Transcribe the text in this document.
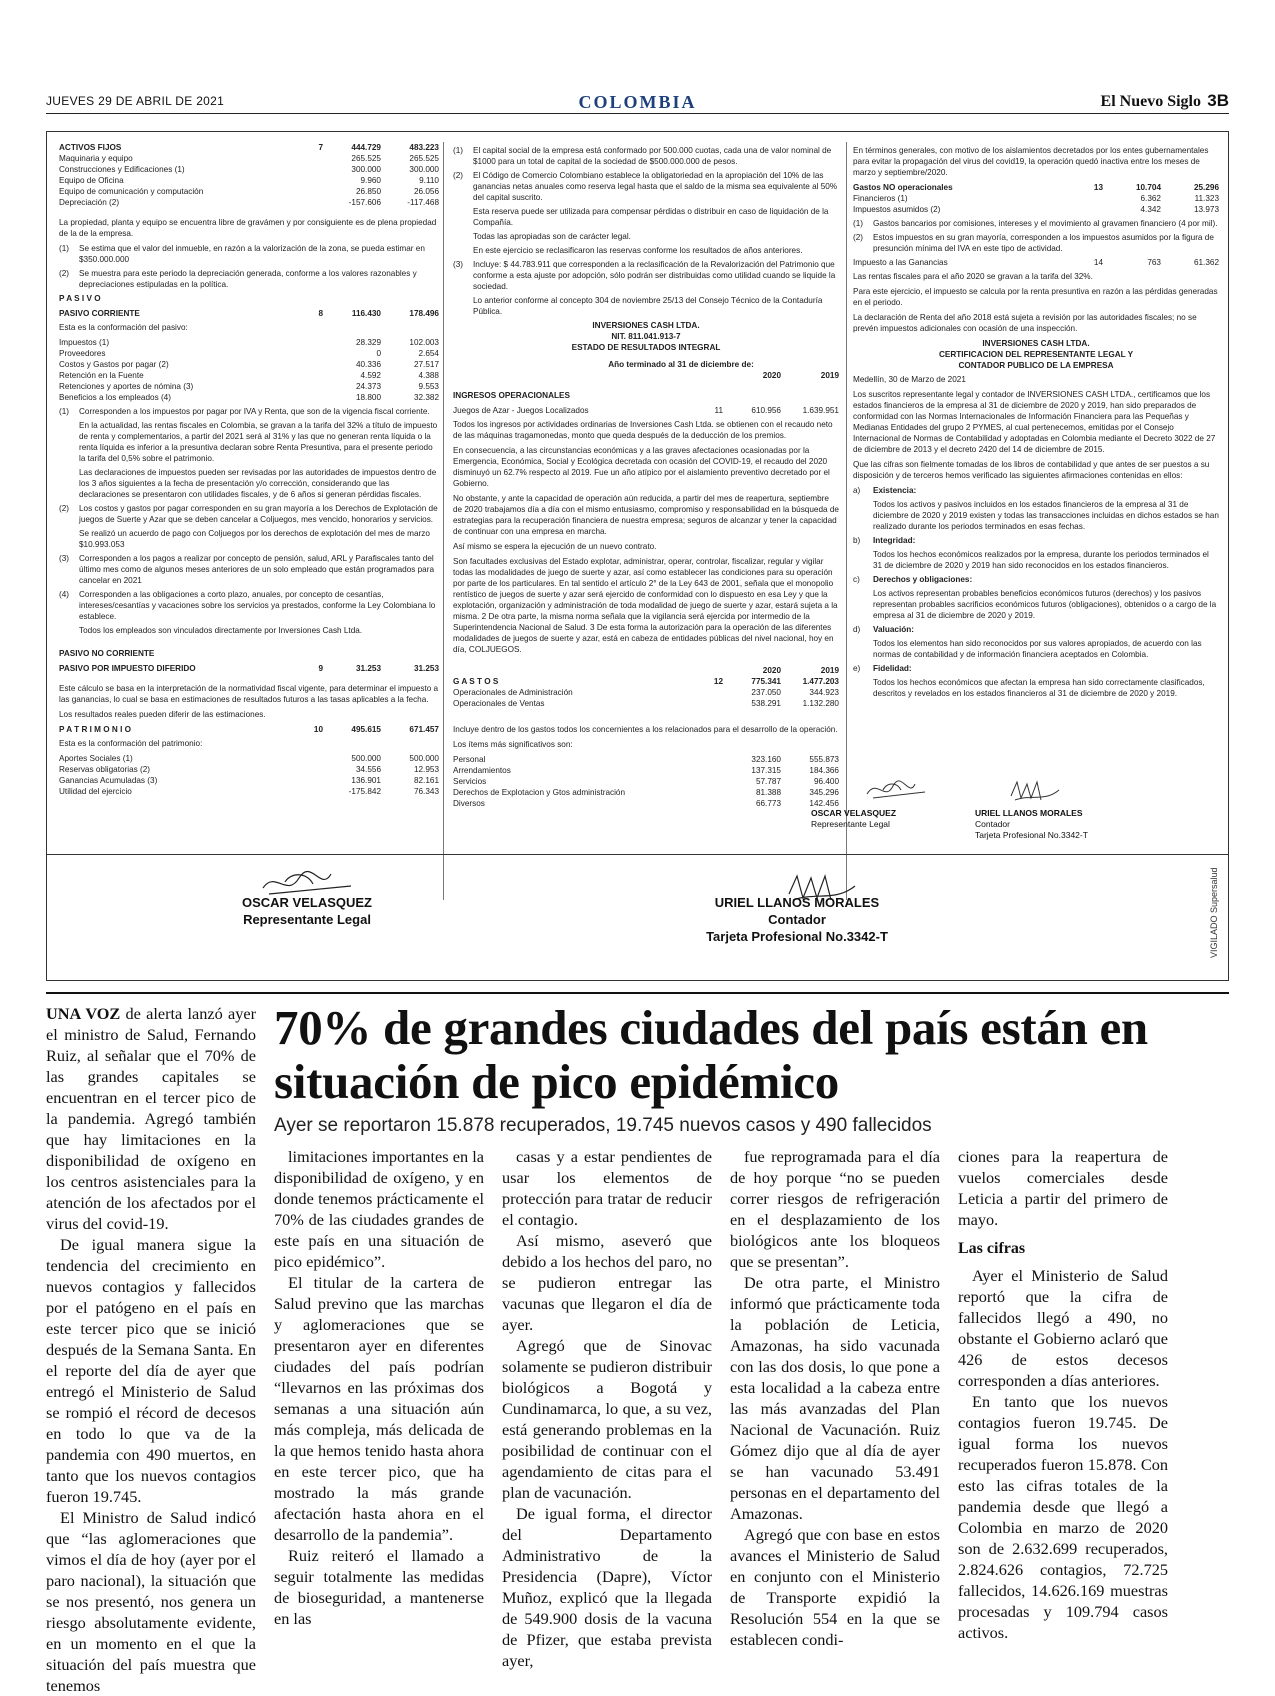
JUEVES 29 DE ABRIL DE 2021	COLOMBIA	El Nuevo Siglo 3B
ACTIVOS FIJOS	7	444.729	483.223
Maquinaria y equipo	265.525	265.525
Construcciones y Edificaciones (1)	300.000	300.000
Equipo de Oficina	9.960	9.110
Equipo de comunicación y computación	26.850	26.056
Depreciación (2)	-157.606	-117.468
La propiedad, planta y equipo se encuentra libre de gravámen y por consiguiente es de plena propiedad de la de la empresa.
(1)	Se estima que el valor del inmueble, en razón a la valorización de la zona, se pueda estimar en $350.000.000
(2)	Se muestra para este periodo la depreciación generada, conforme a los valores razonables y depreciaciones estipuladas en la política.
P A S I V O
PASIVO CORRIENTE	8	116.430	178.496
Esta es la conformación del pasivo:
Impuestos (1)	28.329	102.003
Proveedores	0	2.654
Costos y Gastos por pagar (2)	40.336	27.517
Retención en la Fuente	4.592	4.388
Retenciones y aportes de nómina (3)	24.373	9.553
Beneficios a los empleados (4)	18.800	32.382
(1)	Corresponden a los impuestos por pagar por IVA y Renta, que son de la vigencia fiscal corriente.
En la actualidad, las rentas fiscales en Colombia, se gravan a la tarifa del 32% a título de impuesto de renta y complementarios, a partir del 2021 será al 31% y las que no generan renta líquida o la renta líquida es inferior a la presuntiva declaran sobre Renta Presuntiva, para el presente periodo la tarifa del 0,5% sobre el patrimonio.
Las declaraciones de impuestos pueden ser revisadas por las autoridades de impuestos dentro de los 3 años siguientes a la fecha de presentación y/o corrección, considerando que las declaraciones se presentaron con utilidades fiscales, y de 6 años si generan pérdidas fiscales.
(2)	Los costos y gastos por pagar corresponden en su gran mayoría a los Derechos de Explotación de juegos de Suerte y Azar que se deben cancelar a Coljuegos, mes vencido, honorarios y servicios.
Se realizó un acuerdo de pago con Coljuegos por los derechos de explotación del mes de marzo $10.993.053
(3)	Corresponden a los pagos a realizar por concepto de pensión, salud, ARL y Parafiscales tanto del último mes como de algunos meses anteriores de un solo empleado que están programados para cancelar en 2021
(4)	Corresponden a las obligaciones a corto plazo, anuales, por concepto de cesantías, intereses/cesantías y vacaciones sobre los servicios ya prestados, conforme la Ley Colombiana lo establece.
Todos los empleados son vinculados directamente por Inversiones Cash Ltda.
PASIVO NO CORRIENTE
PASIVO POR IMPUESTO DIFERIDO	9	31.253	31.253
Este cálculo se basa en la interpretación de la normatividad fiscal vigente, para determinar el impuesto a las ganancias, lo cual se basa en estimaciones de resultados futuros a las tasas aplicables a la fecha.
Los resultados reales pueden diferir de las estimaciones.
P A T R I M O N I O	10	495.615	671.457
Esta es la conformación del patrimonio:
Aportes Sociales (1)	500.000	500.000
Reservas obligatorias (2)	34.556	12.953
Ganancias Acumuladas (3)	136.901	82.161
Utilidad del ejercicio	-175.842	76.343
(1)	El capital social de la empresa está conformado por 500.000 cuotas, cada una de valor nominal de $1000 para un total de capital de la sociedad de $500.000.000 de pesos.
(2)	El Código de Comercio Colombiano establece la obligatoriedad en la apropiación del 10% de las ganancias netas anuales como reserva legal hasta que el saldo de la misma sea equivalente al 50% del capital suscrito.
Esta reserva puede ser utilizada para compensar pérdidas o distribuir en caso de liquidación de la Compañía.
Todas las apropiadas son de carácter legal.
En este ejercicio se reclasificaron las reservas conforme los resultados de años anteriores.
(3)	Incluye: $ 44.783.911 que corresponden a la reclasificación de la Revalorización del Patrimonio que conforme a esta ajuste por adopción, sólo podrán ser distribuidas como utilidad cuando se liquide la sociedad.
Lo anterior conforme al concepto 304 de noviembre 25/13 del Consejo Técnico de la Contaduría Pública.
INVERSIONES CASH LTDA.
NIT. 811.041.913-7
ESTADO DE RESULTADOS INTEGRAL
Año terminado al 31 de diciembre de:
2020	2019
INGRESOS OPERACIONALES
Juegos de Azar - Juegos Localizados	11	610.956	1.639.951
Todos los ingresos por actividades ordinarias de Inversiones Cash Ltda. se obtienen con el recaudo neto de las máquinas tragamonedas, monto que queda después de la deducción de los premios.
En consecuencia, a las circunstancias económicas y a las graves afectaciones ocasionadas por la Emergencia, Económica, Social y Ecológica decretada con ocasión del COVID-19, el recaudo del 2020 disminuyó un 62.7% respecto al 2019. Fue un año atípico por el aislamiento preventivo decretado por el Gobierno.
No obstante, y ante la capacidad de operación aún reducida, a partir del mes de reapertura, septiembre de 2020 trabajamos día a día con el mismo entusiasmo, compromiso y responsabilidad en la búsqueda de estrategias para la recuperación financiera de nuestra empresa; seguros de alcanzar y tener la capacidad de continuar con una empresa en marcha.
Así mismo se espera la ejecución de un nuevo contrato.
Son facultades exclusivas del Estado explotar, administrar, operar, controlar, fiscalizar, regular y vigilar todas las modalidades de juego de suerte y azar, así como establecer las condiciones para su operación por parte de los particulares. En tal sentido el artículo 2° de la Ley 643 de 2001, señala que el monopolio rentístico de juegos de suerte y azar será ejercido de conformidad con lo dispuesto en esa Ley y que la explotación, organización y administración de toda modalidad de juego de suerte y azar, estará sujeta a la misma. 2 De otra parte, la misma norma señala que la vigilancia será ejercida por intermedio de la Superintendencia Nacional de Salud. 3 De esta forma la autorización para la operación de las diferentes modalidades de juegos de suerte y azar, está en cabeza de entidades públicas del nivel nacional, hoy en día, COLJUEGOS.
2020	2019
G A S T O S	12	775.341	1.477.203
Operacionales de Administración	237.050	344.923
Operacionales de Ventas	538.291	1.132.280
Incluye dentro de los gastos todos los concernientes a los relacionados para el desarrollo de la operación.
Los ítems más significativos son:
Personal	323.160	555.873
Arrendamientos	137.315	184.366
Servicios	57.787	96.400
Derechos de Explotacion y Gtos administración	81.388	345.296
Diversos	66.773	142.456
En términos generales, con motivo de los aislamientos decretados por los entes gubernamentales para evitar la propagación del virus del covid19, la operación quedó inactiva entre los meses de marzo y septiembre/2020.
Gastos NO operacionales	13	10.704	25.296
Financieros (1)	6.362	11.323
Impuestos asumidos (2)	4.342	13.973
(1)	Gastos bancarios por comisiones, intereses y el movimiento al gravamen financiero (4 por mil).
(2)	Estos impuestos en su gran mayoría, corresponden a los impuestos asumidos por la figura de presunción mínima del IVA en este tipo de actividad.
Impuesto a las Ganancias	14	763	61.362
Las rentas fiscales para el año 2020 se gravan a la tarifa del 32%.
Para este ejercicio, el impuesto se calcula por la renta presuntiva en razón a las pérdidas generadas en el periodo.
La declaración de Renta del año 2018 está sujeta a revisión por las autoridades fiscales; no se prevén impuestos adicionales con ocasión de una inspección.
INVERSIONES CASH LTDA.
CERTIFICACION DEL REPRESENTANTE LEGAL Y
CONTADOR PUBLICO DE LA EMPRESA
Medellín, 30 de Marzo de 2021
Los suscritos representante legal y contador de INVERSIONES CASH LTDA., certificamos que los estados financieros de la empresa al 31 de diciembre de 2020 y 2019, han sido preparados de conformidad con las Normas Internacionales de Información Financiera para las Pequeñas y Medianas Entidades del grupo 2 PYMES, al cual pertenecemos, emitidas por el Consejo Internacional de Normas de Contabilidad y adoptadas en Colombia mediante el Decreto 3022 de 27 de diciembre de 2013 y el decreto 2420 del 14 de diciembre de 2015.
Que las cifras son fielmente tomadas de los libros de contabilidad y que antes de ser puestos a su disposición y de terceros hemos verificado las siguientes afirmaciones contenidas en ellos:
a)	Existencia:
Todos los activos y pasivos incluidos en los estados financieros de la empresa al 31 de diciembre de 2020 y 2019 existen y todas las transacciones incluidas en dichos estados se han realizado durante los periodos terminados en esas fechas.
b)	Integridad:
Todos los hechos económicos realizados por la empresa, durante los periodos terminados el 31 de diciembre de 2020 y 2019 han sido reconocidos en los estados financieros.
c)	Derechos y obligaciones:
Los activos representan probables beneficios económicos futuros (derechos) y los pasivos representan probables sacrificios económicos futuros (obligaciones), obtenidos o a cargo de la empresa al 31 de diciembre de 2020 y 2019.
d)	Valuación:
Todos los elementos han sido reconocidos por sus valores apropiados, de acuerdo con las normas de contabilidad y de información financiera aceptados en Colombia.
e)	Fidelidad:
Todos los hechos económicos que afectan la empresa han sido correctamente clasificados, descritos y revelados en los estados financieros al 31 de diciembre de 2020 y 2019.
OSCAR VELASQUEZ
Representante Legal
URIEL LLANOS MORALES
Contador
Tarjeta Profesional No.3342-T
OSCAR VELASQUEZ
Representante Legal
URIEL LLANOS MORALES
Contador
Tarjeta Profesional No.3342-T	VIGILADO Supersalud
70% de grandes ciudades del país están en situación de pico epidémico
Ayer se reportaron 15.878 recuperados, 19.745 nuevos casos y 490 fallecidos

UNA VOZ de alerta lanzó ayer el ministro de Salud, Fernando Ruiz, al señalar que el 70% de las grandes capitales se encuentran en el tercer pico de la pandemia. Agregó también que hay limitaciones en la disponibilidad de oxígeno en los centros asistenciales para la atención de los afectados por el virus del covid-19.

De igual manera sigue la tendencia del crecimiento en nuevos contagios y fallecidos por el patógeno en el país en este tercer pico que se inició después de la Semana Santa. En el reporte del día de ayer que entregó el Ministerio de Salud se rompió el récord de decesos en todo lo que va de la pandemia con 490 muertos, en tanto que los nuevos contagios fueron 19.745.

El Ministro de Salud indicó que “las aglomeraciones que vimos el día de hoy (ayer por el paro nacional), la situación que se nos presentó, nos genera un riesgo absolutamente evidente, en un momento en el que la situación del país muestra que tenemos

limitaciones importantes en la disponibilidad de oxígeno, y en donde tenemos prácticamente el 70% de las ciudades grandes de este país en una situación de pico epidémico”.

El titular de la cartera de Salud previno que las marchas y aglomeraciones que se presentaron ayer en diferentes ciudades del país podrían “llevarnos en las próximas dos semanas a una situación aún más compleja, más delicada de la que hemos tenido hasta ahora en este tercer pico, que ha mostrado la más grande afectación hasta ahora en el desarrollo de la pandemia”.

Ruiz reiteró el llamado a seguir totalmente las medidas de bioseguridad, a mantenerse en las

casas y a estar pendientes de usar los elementos de protección para tratar de reducir el contagio.

Así mismo, aseveró que debido a los hechos del paro, no se pudieron entregar las vacunas que llegaron el día de ayer.

Agregó que de Sinovac solamente se pudieron distribuir biológicos a Bogotá y Cundinamarca, lo que, a su vez, está generando problemas en la posibilidad de continuar con el agendamiento de citas para el plan de vacunación.

De igual forma, el director del Departamento Administrativo de la Presidencia (Dapre), Víctor Muñoz, explicó que la llegada de 549.900 dosis de la vacuna de Pfizer, que estaba prevista ayer,

fue reprogramada para el día de hoy porque “no se pueden correr riesgos de refrigeración en el desplazamiento de los biológicos ante los bloqueos que se presentan”.

De otra parte, el Ministro informó que prácticamente toda la población de Leticia, Amazonas, ha sido vacunada con las dos dosis, lo que pone a esta localidad a la cabeza entre las más avanzadas del Plan Nacional de Vacunación. Ruiz Gómez dijo que al día de ayer se han vacunado 53.491 personas en el departamento del Amazonas.

Agregó que con base en estos avances el Ministerio de Salud en conjunto con el Ministerio de Transporte expidió la Resolución 554 en la que se establecen condi-

ciones para la reapertura de vuelos comerciales desde Leticia a partir del primero de mayo.

Las cifras

Ayer el Ministerio de Salud reportó que la cifra de fallecidos llegó a 490, no obstante el Gobierno aclaró que 426 de estos decesos corresponden a días anteriores.

En tanto que los nuevos contagios fueron 19.745. De igual forma los nuevos recuperados fueron 15.878. Con esto las cifras totales de la pandemia desde que llegó a Colombia en marzo de 2020 son de 2.632.699 recuperados, 2.824.626 contagios, 72.725 fallecidos, 14.626.169 muestras procesadas y 109.794 casos activos.
